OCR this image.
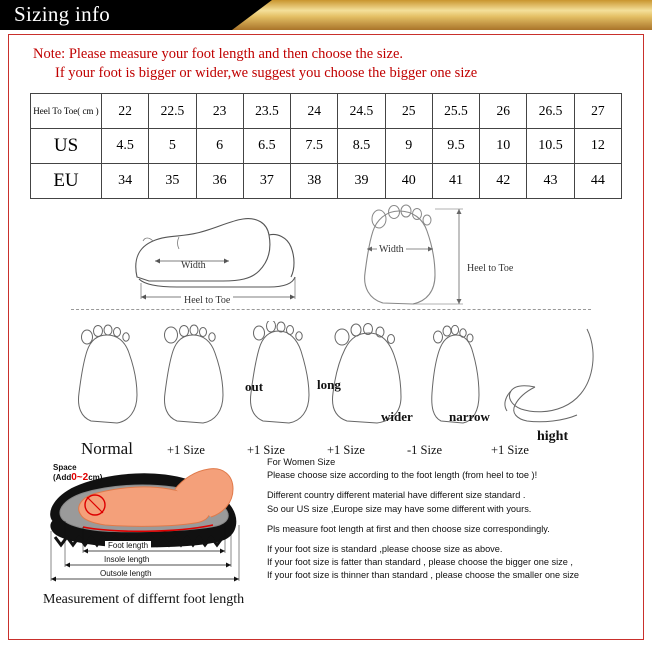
Sizing info
Note: Please measure your foot length and then choose the size.
If your foot is bigger or wider,we suggest you choose the bigger one size
Heel To Toe( cm )	22	22.5	23	23.5	24	24.5	25	25.5	26	26.5	27
US	4.5	5	6	6.5	7.5	8.5	9	9.5	10	10.5	12
EU	34	35	36	37	38	39	40	41	42	43	44
Width
Heel to Toe
Width
Heel to Toe
out	long
wider	narrow
hight
Normal	+1 Size	+1 Size	+1 Size	-1 Size	+1 Size
Space
(Add0~2cm)
Foot length
Insole length
Outsole length
Measurement of differnt foot length

For Women Size

Please choose size according to the foot length (from heel to toe )!

Different country different material have different size standard .

So our US size ,Europe size may have some different with yours.

Pls measure foot length at first and then choose size correspondingly.

If your foot size is standard ,please choose size as above.

If your foot size is fatter than standard , please choose the bigger one size ,

If your foot size is thinner than standard , please choose the smaller one size
